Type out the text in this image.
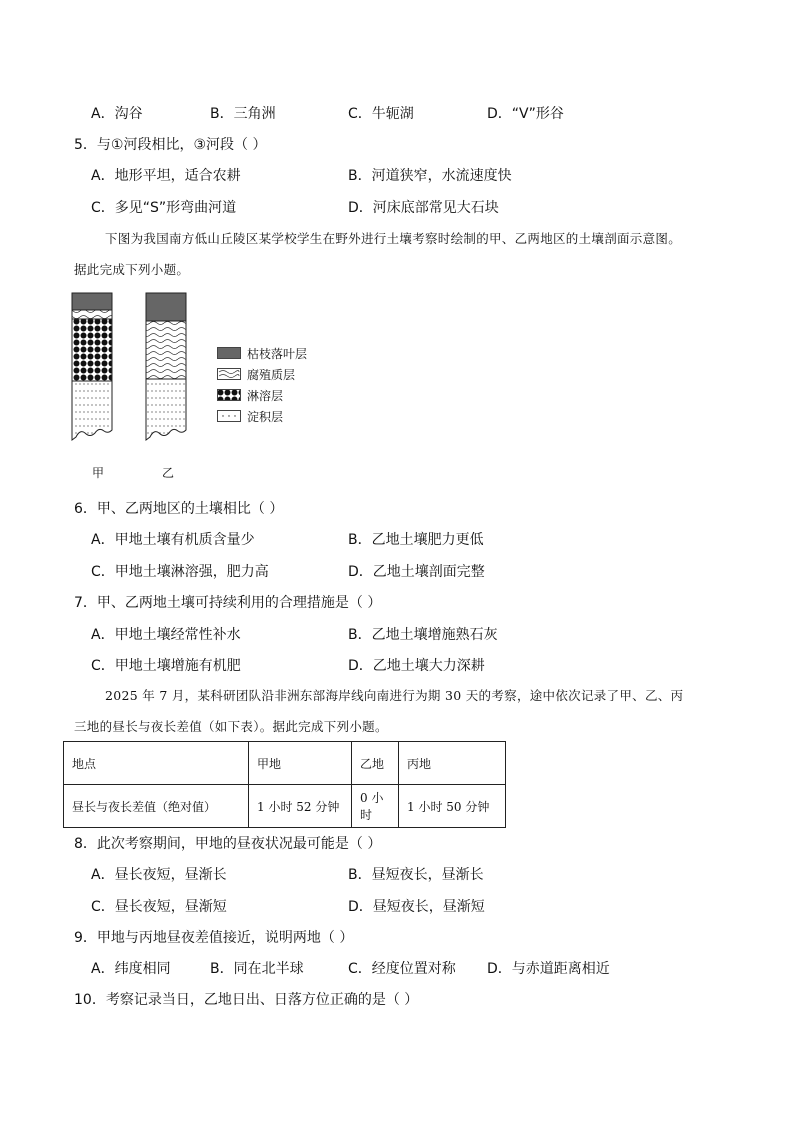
A．沟谷	B．三角洲	C．牛轭湖	D．“V”形谷
5．与①河段相比，③河段（ ）
A．地形平坦，适合农耕	B．河道狭窄，水流速度快
C．多见“S”形弯曲河道	D．河床底部常见大石块
下图为我国南方低山丘陵区某学校学生在野外进行土壤考察时绘制的甲、乙两地区的土壤剖面示意图。
据此完成下列小题。
甲	乙
枯枝落叶层
腐殖质层
淋溶层
淀积层
6．甲、乙两地区的土壤相比（ ）
A．甲地土壤有机质含量少	B．乙地土壤肥力更低
C．甲地土壤淋溶强，肥力高	D．乙地土壤剖面完整
7．甲、乙两地土壤可持续利用的合理措施是（ ）
A．甲地土壤经常性补水	B．乙地土壤增施熟石灰
C．甲地土壤增施有机肥	D．乙地土壤大力深耕
2025 年 7 月，某科研团队沿非洲东部海岸线向南进行为期 30 天的考察，途中依次记录了甲、乙、丙
三地的昼长与夜长差值（如下表）。据此完成下列小题。
地点	甲地	乙地	丙地
昼长与夜长差值（绝对值）	1 小时 52 分钟	0 小时	1 小时 50 分钟
8．此次考察期间，甲地的昼夜状况最可能是（ ）
A．昼长夜短，昼渐长	B．昼短夜长，昼渐长
C．昼长夜短，昼渐短	D．昼短夜长，昼渐短
9．甲地与丙地昼夜差值接近，说明两地（ ）
A．纬度相同	B．同在北半球	C．经度位置对称 D．与赤道距离相近
10．考察记录当日，乙地日出、日落方位正确的是（ ）
